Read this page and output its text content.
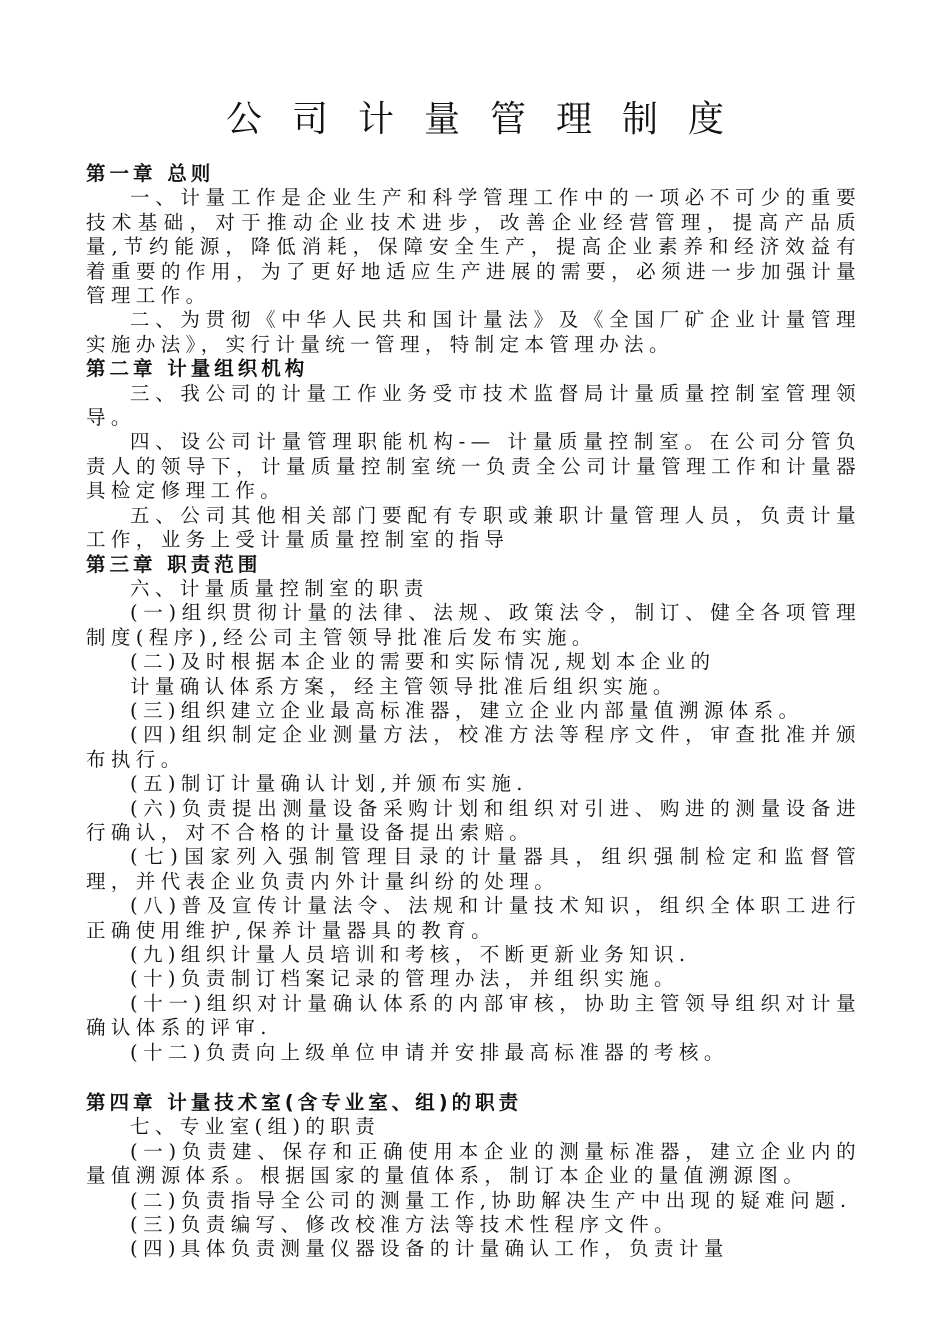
公司计量管理制度

第一章 总则

一、计量工作是企业生产和科学管理工作中的一项必不可少的重要技术基础，对于推动企业技术进步，改善企业经营管理，提高产品质量,节约能源，降低消耗，保障安全生产，提高企业素养和经济效益有着重要的作用，为了更好地适应生产进展的需要，必须进一步加强计量管理工作。

二、为贯彻《中华人民共和国计量法》及《全国厂矿企业计量管理实施办法》，实行计量统一管理，特制定本管理办法。

第二章 计量组织机构

三、我公司的计量工作业务受市技术监督局计量质量控制室管理领导。

四、设公司计量管理职能机构-— 计量质量控制室。在公司分管负责人的领导下，计量质量控制室统一负责全公司计量管理工作和计量器具检定修理工作。

五、公司其他相关部门要配有专职或兼职计量管理人员，负责计量工作，业务上受计量质量控制室的指导

第三章 职责范围

六、计量质量控制室的职责

(一)组织贯彻计量的法律、法规、政策法令，制订、健全各项管理制度(程序),经公司主管领导批准后发布实施。

(二)及时根据本企业的需要和实际情况,规划本企业的

计量确认体系方案，经主管领导批准后组织实施。

(三)组织建立企业最高标准器，建立企业内部量值溯源体系。

(四)组织制定企业测量方法，校准方法等程序文件，审查批准并颁布执行。

(五)制订计量确认计划,并颁布实施.

(六)负责提出测量设备采购计划和组织对引进、购进的测量设备进行确认，对不合格的计量设备提出索赔。

(七)国家列入强制管理目录的计量器具，组织强制检定和监督管理，并代表企业负责内外计量纠纷的处理。

(八)普及宣传计量法令、法规和计量技术知识，组织全体职工进行正确使用维护,保养计量器具的教育。

(九)组织计量人员培训和考核，不断更新业务知识.

(十)负责制订档案记录的管理办法，并组织实施。

(十一)组织对计量确认体系的内部审核，协助主管领导组织对计量确认体系的评审.

(十二)负责向上级单位申请并安排最高标准器的考核。

第四章 计量技术室(含专业室、组)的职责

七、专业室(组)的职责

(一)负责建、保存和正确使用本企业的测量标准器，建立企业内的量值溯源体系。根据国家的量值体系，制订本企业的量值溯源图。

(二)负责指导全公司的测量工作,协助解决生产中出现的疑难问题.

(三)负责编写、修改校准方法等技术性程序文件。

(四)具体负责测量仪器设备的计量确认工作，负责计量
